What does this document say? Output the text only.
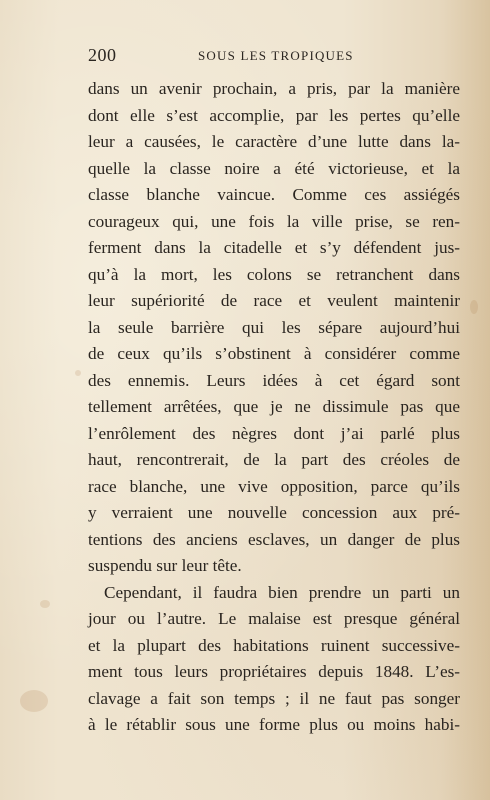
200	SOUS LES TROPIQUES

dans un avenir prochain, a pris, par la manière
dont elle s’est accomplie, par les pertes qu’elle
leur a causées, le caractère d’une lutte dans la-
quelle la classe noire a été victorieuse, et la
classe blanche vaincue. Comme ces assiégés
courageux qui, une fois la ville prise, se ren-
ferment dans la citadelle et s’y défendent jus-
qu’à la mort, les colons se retranchent dans
leur supériorité de race et veulent maintenir
la seule barrière qui les sépare aujourd’hui
de ceux qu’ils s’obstinent à considérer comme
des ennemis. Leurs idées à cet égard sont
tellement arrêtées, que je ne dissimule pas que
l’enrôlement des nègres dont j’ai parlé plus
haut, rencontrerait, de la part des créoles de
race blanche, une vive opposition, parce qu’ils
y verraient une nouvelle concession aux pré-
tentions des anciens esclaves, un danger de plus
suspendu sur leur tête.

Cependant, il faudra bien prendre un parti un
jour ou l’autre. Le malaise est presque général
et la plupart des habitations ruinent successive-
ment tous leurs propriétaires depuis 1848. L’es-
clavage a fait son temps ; il ne faut pas songer
à le rétablir sous une forme plus ou moins habi-
